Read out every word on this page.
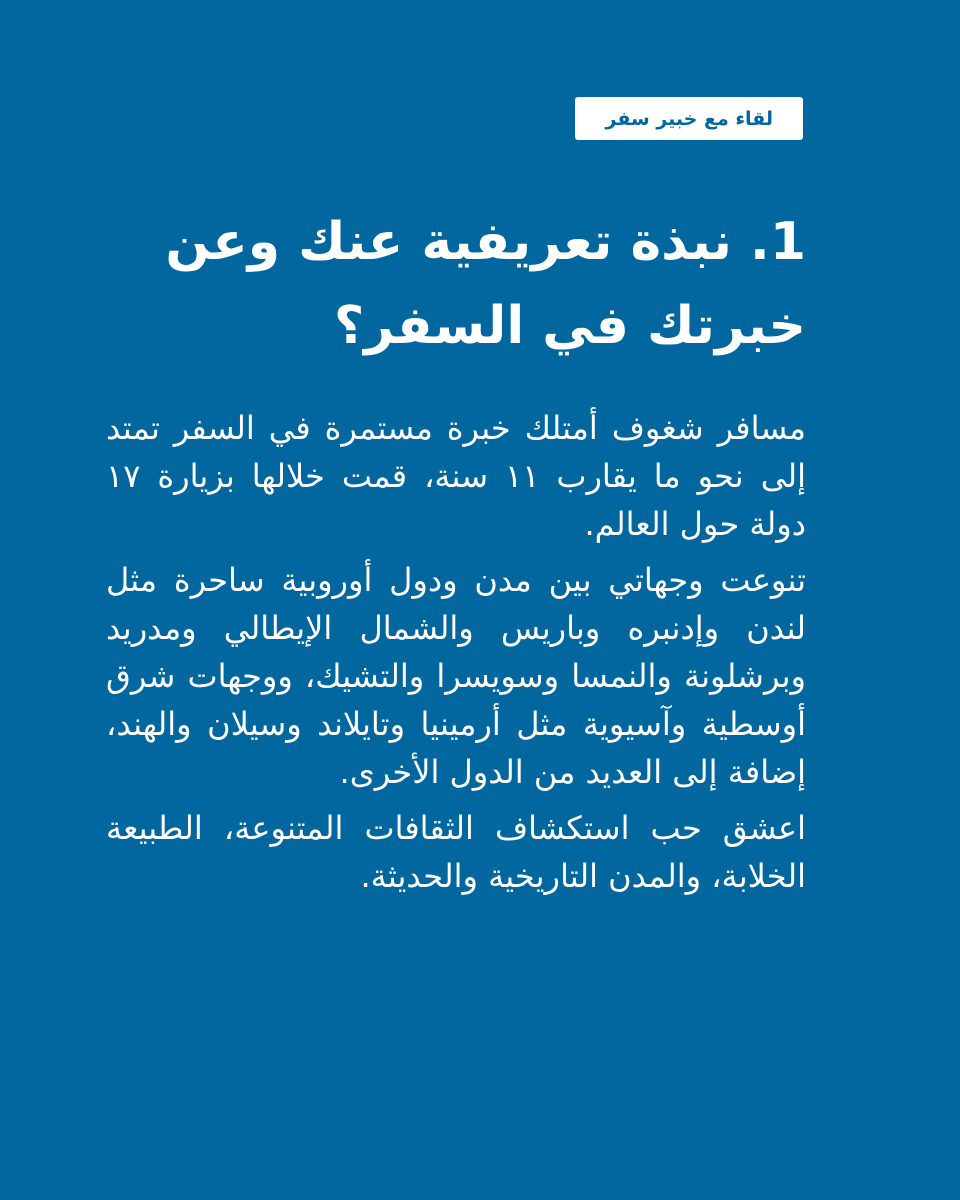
لقاء مع خبير سفر
1. نبذة تعريفية عنك وعن خبرتك في السفر؟

مسافر شغوف أمتلك خبرة مستمرة في السفر تمتد إلى نحو ما يقارب ١١ سنة، قمت خلالها بزيارة ١٧ دولة حول العالم.

تنوعت وجهاتي بين مدن ودول أوروبية ساحرة مثل لندن وإدنبره وباريس والشمال الإيطالي ومدريد وبرشلونة والنمسا وسويسرا والتشيك، ووجهات شرق أوسطية وآسيوية مثل أرمينيا وتايلاند وسيلان والهند، إضافة إلى العديد من الدول الأخرى.

اعشق حب استكشاف الثقافات المتنوعة، الطبيعة الخلابة، والمدن التاريخية والحديثة.
